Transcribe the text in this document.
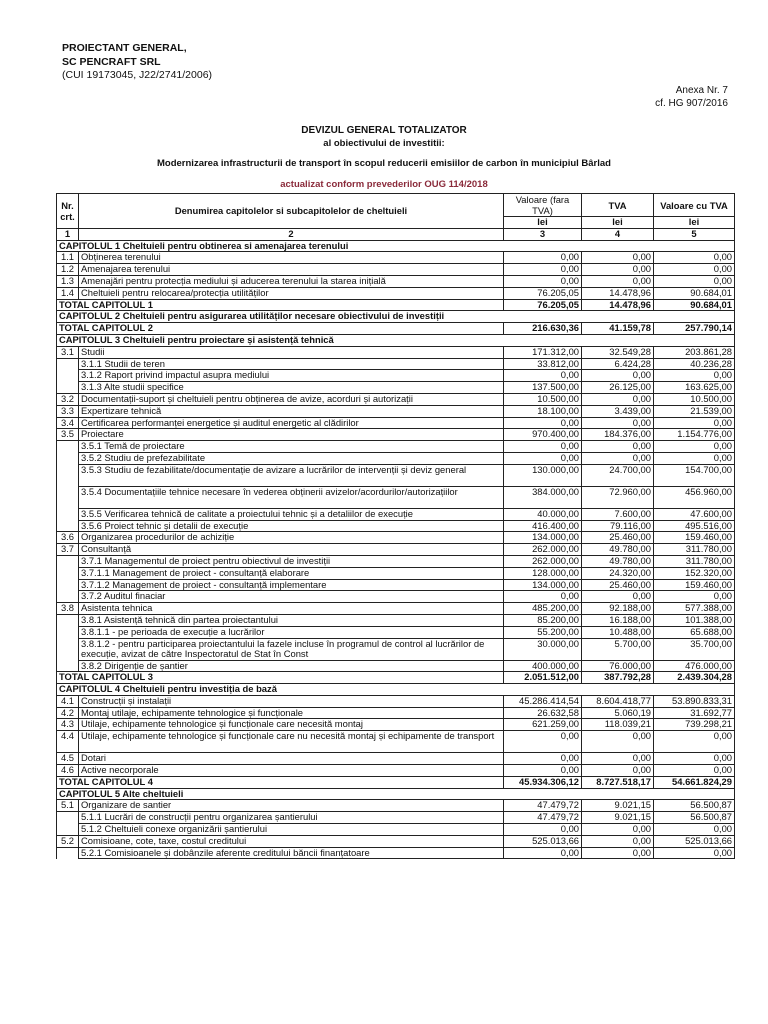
PROIECTANT GENERAL,
SC PENCRAFT SRL
(CUI 19173045, J22/2741/2006)
Anexa Nr. 7
cf. HG 907/2016
DEVIZUL GENERAL TOTALIZATOR
al obiectivului de investitii:
Modernizarea infrastructurii de transport în scopul reducerii emisiilor de carbon în municipiul Bârlad
actualizat conform prevederilor OUG 114/2018
Nr. crt.	Denumirea capitolelor si subcapitolelor de cheltuieli	Valoare (fara TVA)	TVA	Valoare cu TVA
		lei	lei	lei
1	2	3	4	5
CAPITOLUL 1 Cheltuieli pentru obtinerea si amenajarea terenului				
1.1	Obținerea terenului	0,00	0,00	0,00
1.2	Amenajarea terenului	0,00	0,00	0,00
1.3	Amenajări pentru protecția mediului și aducerea terenului la starea inițială	0,00	0,00	0,00
1.4	Cheltuieli pentru relocarea/protecția utilităților	76.205,05	14.478,96	90.684,01
TOTAL CAPITOLUL 1		76.205,05	14.478,96	90.684,01
CAPITOLUL 2 Cheltuieli pentru asigurarea utilităților necesare obiectivului de investiții				
TOTAL CAPITOLUL 2		216.630,36	41.159,78	257.790,14
CAPITOLUL 3 Cheltuieli pentru proiectare și asistență tehnică				
3.1	Studii	171.312,00	32.549,28	203.861,28
	3.1.1 Studii de teren	33.812,00	6.424,28	40.236,28
	3.1.2 Raport privind impactul asupra mediului	0,00	0,00	0,00
	3.1.3 Alte studii specifice	137.500,00	26.125,00	163.625,00
3.2	Documentații-suport și cheltuieli pentru obținerea de avize, acorduri și autorizații	10.500,00	0,00	10.500,00
3.3	Expertizare tehnică	18.100,00	3.439,00	21.539,00
3.4	Certificarea performanței energetice și auditul energetic al clădirilor	0,00	0,00	0,00
3.5	Proiectare	970.400,00	184.376,00	1.154.776,00
	3.5.1 Temă de proiectare	0,00	0,00	0,00
	3.5.2 Studiu de prefezabilitate	0,00	0,00	0,00
	3.5.3 Studiu de fezabilitate/documentație de avizare a lucrărilor de intervenții și deviz general	130.000,00	24.700,00	154.700,00
	3.5.4 Documentațiile tehnice necesare în vederea obținerii avizelor/acordurilor/autorizațiilor	384.000,00	72.960,00	456.960,00
	3.5.5 Verificarea tehnică de calitate a proiectului tehnic și a detaliilor de execuție	40.000,00	7.600,00	47.600,00
	3.5.6 Proiect tehnic și detalii de execuție	416.400,00	79.116,00	495.516,00
3.6	Organizarea procedurilor de achiziție	134.000,00	25.460,00	159.460,00
3.7	Consultanță	262.000,00	49.780,00	311.780,00
	3.7.1 Managementul de proiect pentru obiectivul de investiții	262.000,00	49.780,00	311.780,00
	3.7.1.1 Management de proiect - consultanță elaborare	128.000,00	24.320,00	152.320,00
	3.7.1.2 Management de proiect - consultanță implementare	134.000,00	25.460,00	159.460,00
	3.7.2 Auditul finaciar	0,00	0,00	0,00
3.8	Asistenta tehnica	485.200,00	92.188,00	577.388,00
	3.8.1 Asistență tehnică din partea proiectantului	85.200,00	16.188,00	101.388,00
	3.8.1.1 - pe perioada de execuție a lucrărilor	55.200,00	10.488,00	65.688,00
	3.8.1.2 - pentru participarea proiectantului la fazele incluse în programul de control al lucrărilor de execuție, avizat de către Inspectoratul de Stat în Const	30.000,00	5.700,00	35.700,00
	3.8.2 Dirigenție de șantier	400.000,00	76.000,00	476.000,00
TOTAL CAPITOLUL 3		2.051.512,00	387.792,28	2.439.304,28
CAPITOLUL 4 Cheltuieli pentru investiția de bază				
4.1	Construcții și instalații	45.286.414,54	8.604.418,77	53.890.833,31
4.2	Montaj utilaje, echipamente tehnologice și funcționale	26.632,58	5.060,19	31.692,77
4.3	Utilaje, echipamente tehnologice și funcționale care necesită montaj	621.259,00	118.039,21	739.298,21
4.4	Utilaje, echipamente tehnologice și funcționale care nu necesită montaj și echipamente de transport	0,00	0,00	0,00
4.5	Dotari	0,00	0,00	0,00
4.6	Active necorporale	0,00	0,00	0,00
TOTAL CAPITOLUL 4		45.934.306,12	8.727.518,17	54.661.824,29
CAPITOLUL 5 Alte cheltuieli				
5.1	Organizare de santier	47.479,72	9.021,15	56.500,87
	5.1.1 Lucrări de construcții pentru organizarea șantierului	47.479,72	9.021,15	56.500,87
	5.1.2 Cheltuieli conexe organizării șantierului	0,00	0,00	0,00
5.2	Comisioane, cote, taxe, costul creditului	525.013,66	0,00	525.013,66
	5.2.1 Comisioanele și dobânzile aferente creditului băncii finanțatoare	0,00	0,00	0,00
